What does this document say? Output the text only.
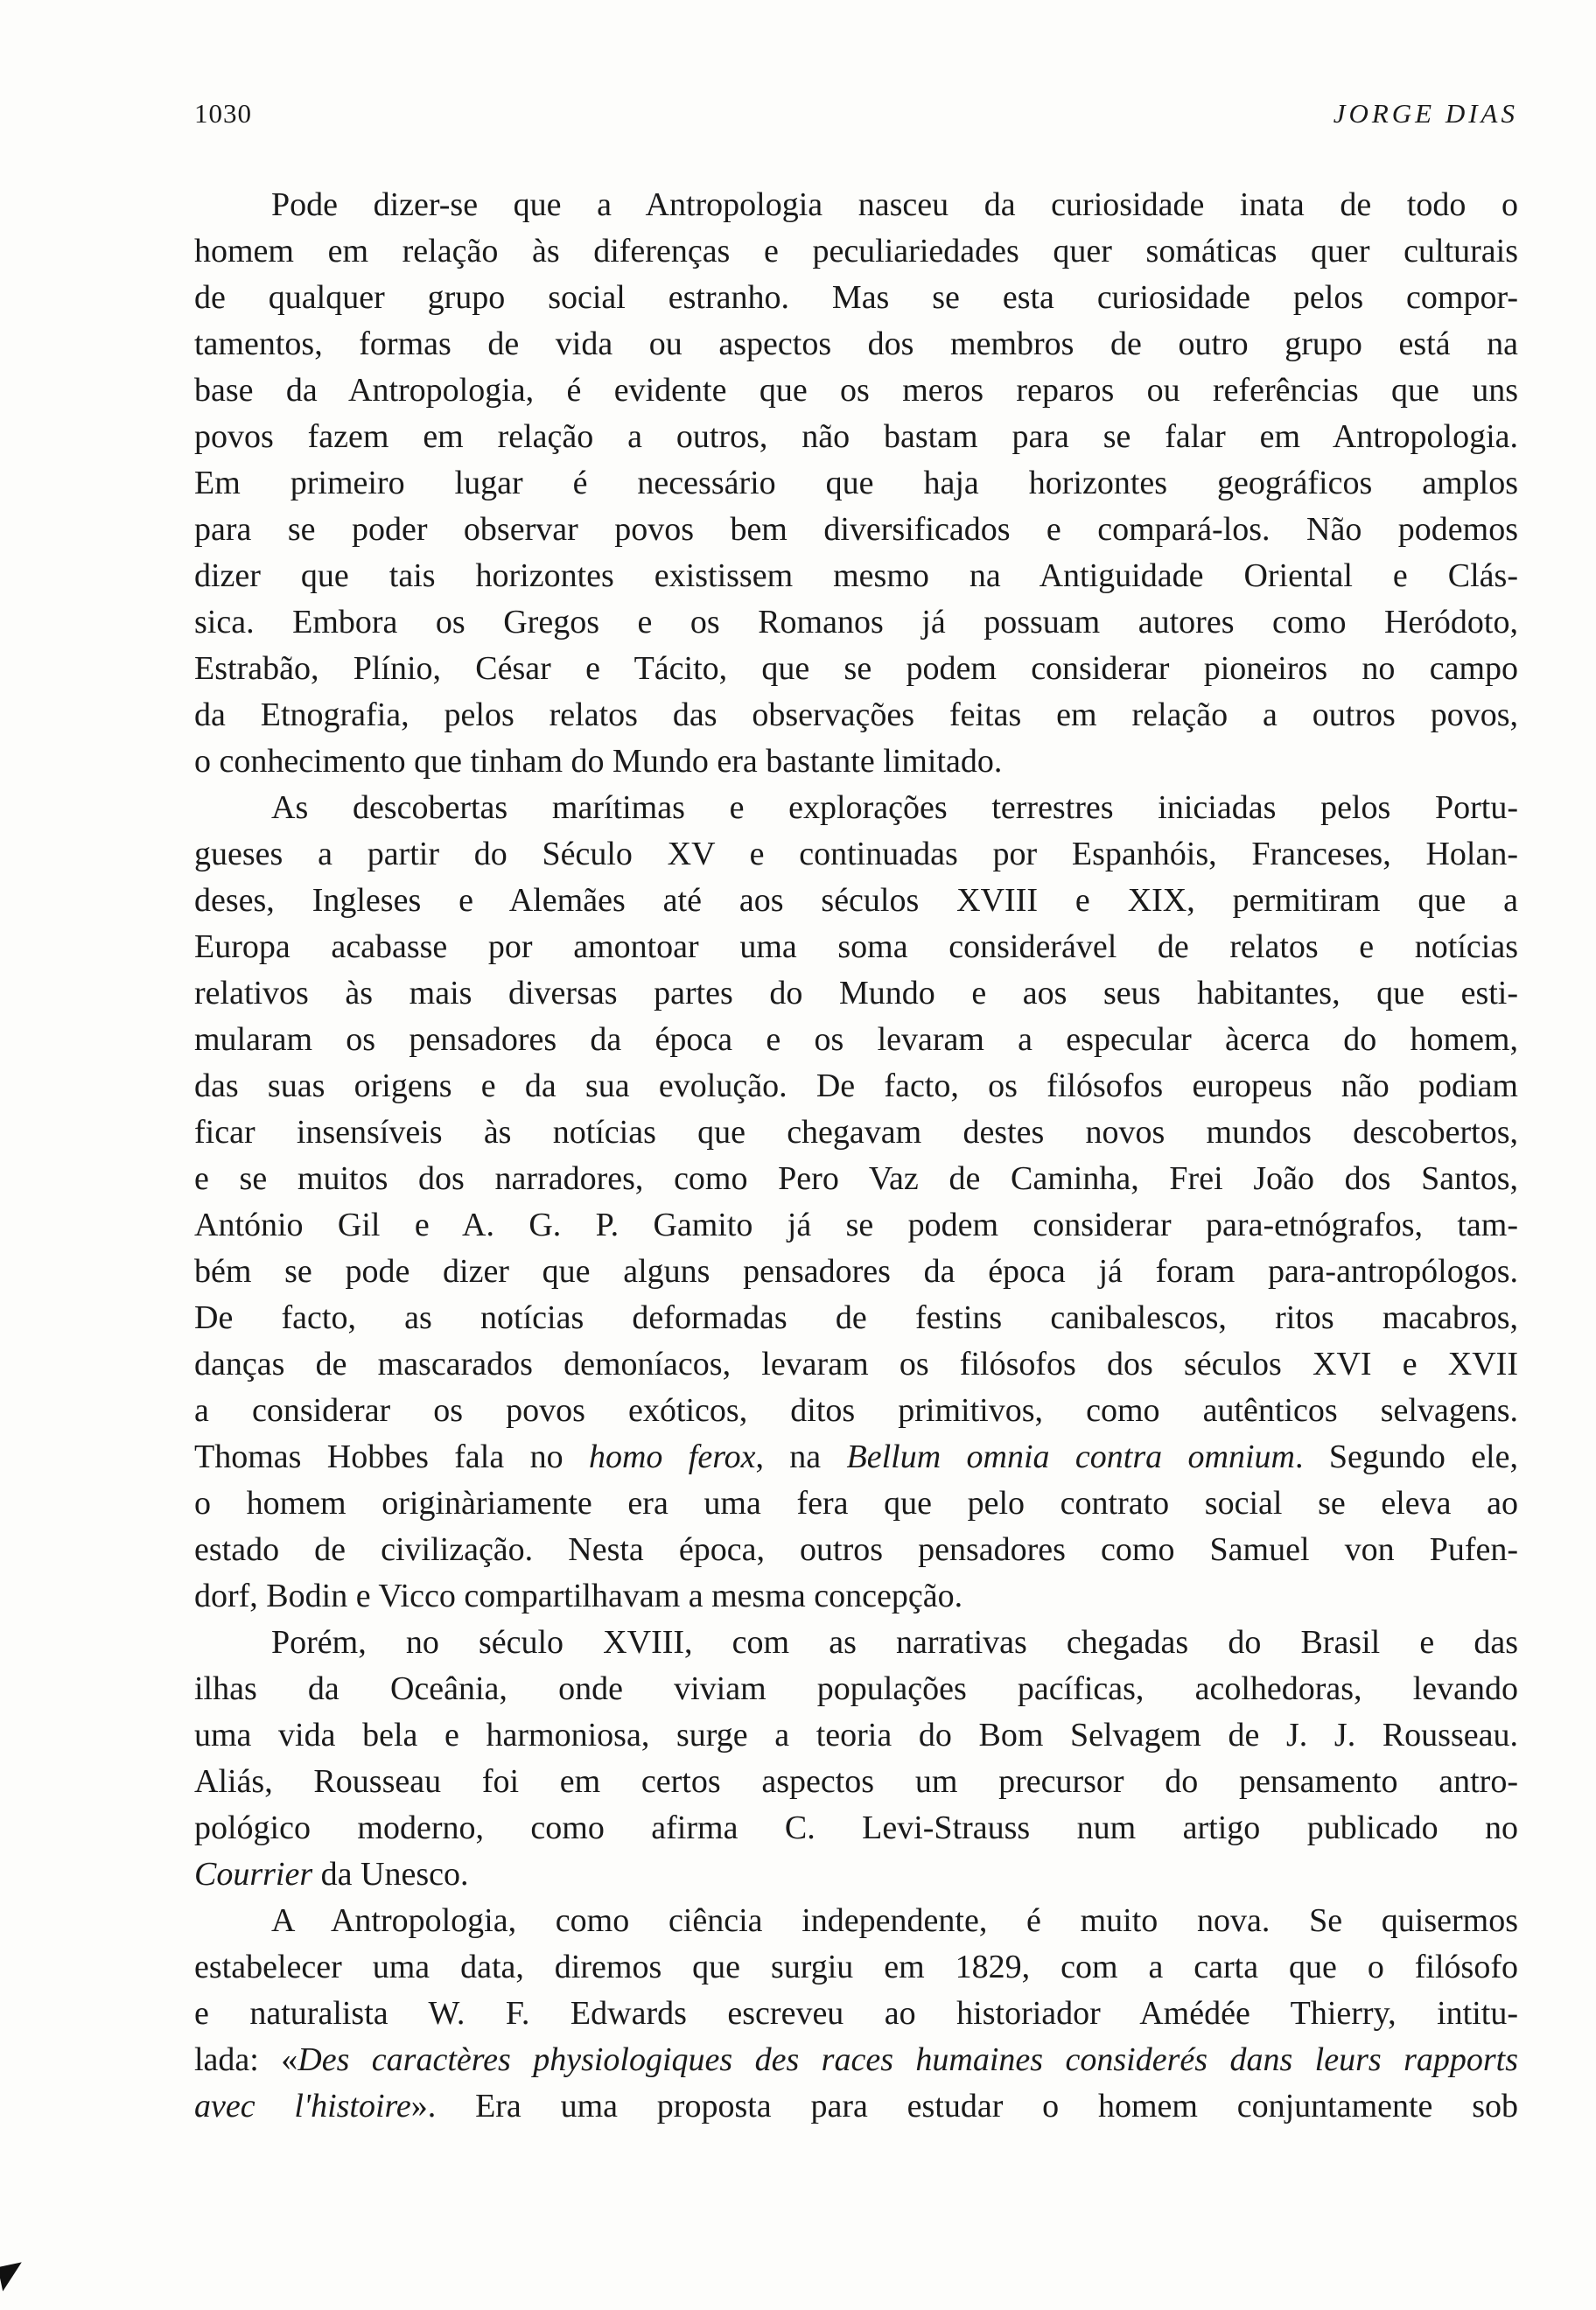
1030	JORGE DIAS
Pode dizer-se que a Antropologia nasceu da curiosidade inata de todo o
homem em relação às diferenças e peculiariedades quer somáticas quer culturais
de qualquer grupo social estranho. Mas se esta curiosidade pelos compor-
tamentos, formas de vida ou aspectos dos membros de outro grupo está na
base da Antropologia, é evidente que os meros reparos ou referências que uns
povos fazem em relação a outros, não bastam para se falar em Antropologia.
Em primeiro lugar é necessário que haja horizontes geográficos amplos
para se poder observar povos bem diversificados e compará-los. Não podemos
dizer que tais horizontes existissem mesmo na Antiguidade Oriental e Clás-
sica. Embora os Gregos e os Romanos já possuam autores como Heródoto,
Estrabão, Plínio, César e Tácito, que se podem considerar pioneiros no campo
da Etnografia, pelos relatos das observações feitas em relação a outros povos,
o conhecimento que tinham do Mundo era bastante limitado.
As descobertas marítimas e explorações terrestres iniciadas pelos Portu-
gueses a partir do Século XV e continuadas por Espanhóis, Franceses, Holan-
deses, Ingleses e Alemães até aos séculos XVIII e XIX, permitiram que a
Europa acabasse por amontoar uma soma considerável de relatos e notícias
relativos às mais diversas partes do Mundo e aos seus habitantes, que esti-
mularam os pensadores da época e os levaram a especular àcerca do homem,
das suas origens e da sua evolução. De facto, os filósofos europeus não podiam
ficar insensíveis às notícias que chegavam destes novos mundos descobertos,
e se muitos dos narradores, como Pero Vaz de Caminha, Frei João dos Santos,
António Gil e A. G. P. Gamito já se podem considerar para-etnógrafos, tam-
bém se pode dizer que alguns pensadores da época já foram para-antropólogos.
De facto, as notícias deformadas de festins canibalescos, ritos macabros,
danças de mascarados demoníacos, levaram os filósofos dos séculos XVI e XVII
a considerar os povos exóticos, ditos primitivos, como autênticos selvagens.
Thomas Hobbes fala no homo ferox, na Bellum omnia contra omnium. Segundo ele,
o homem originàriamente era uma fera que pelo contrato social se eleva ao
estado de civilização. Nesta época, outros pensadores como Samuel von Pufen-
dorf, Bodin e Vicco compartilhavam a mesma concepção.
Porém, no século XVIII, com as narrativas chegadas do Brasil e das
ilhas da Oceânia, onde viviam populações pacíficas, acolhedoras, levando
uma vida bela e harmoniosa, surge a teoria do Bom Selvagem de J. J. Rousseau.
Aliás, Rousseau foi em certos aspectos um precursor do pensamento antro-
pológico moderno, como afirma C. Levi-Strauss num artigo publicado no
Courrier da Unesco.
A Antropologia, como ciência independente, é muito nova. Se quisermos
estabelecer uma data, diremos que surgiu em 1829, com a carta que o filósofo
e naturalista W. F. Edwards escreveu ao historiador Amédée Thierry, intitu-
lada: «Des caractères physiologiques des races humaines considerés dans leurs rapports
avec l'histoire». Era uma proposta para estudar o homem conjuntamente sob
